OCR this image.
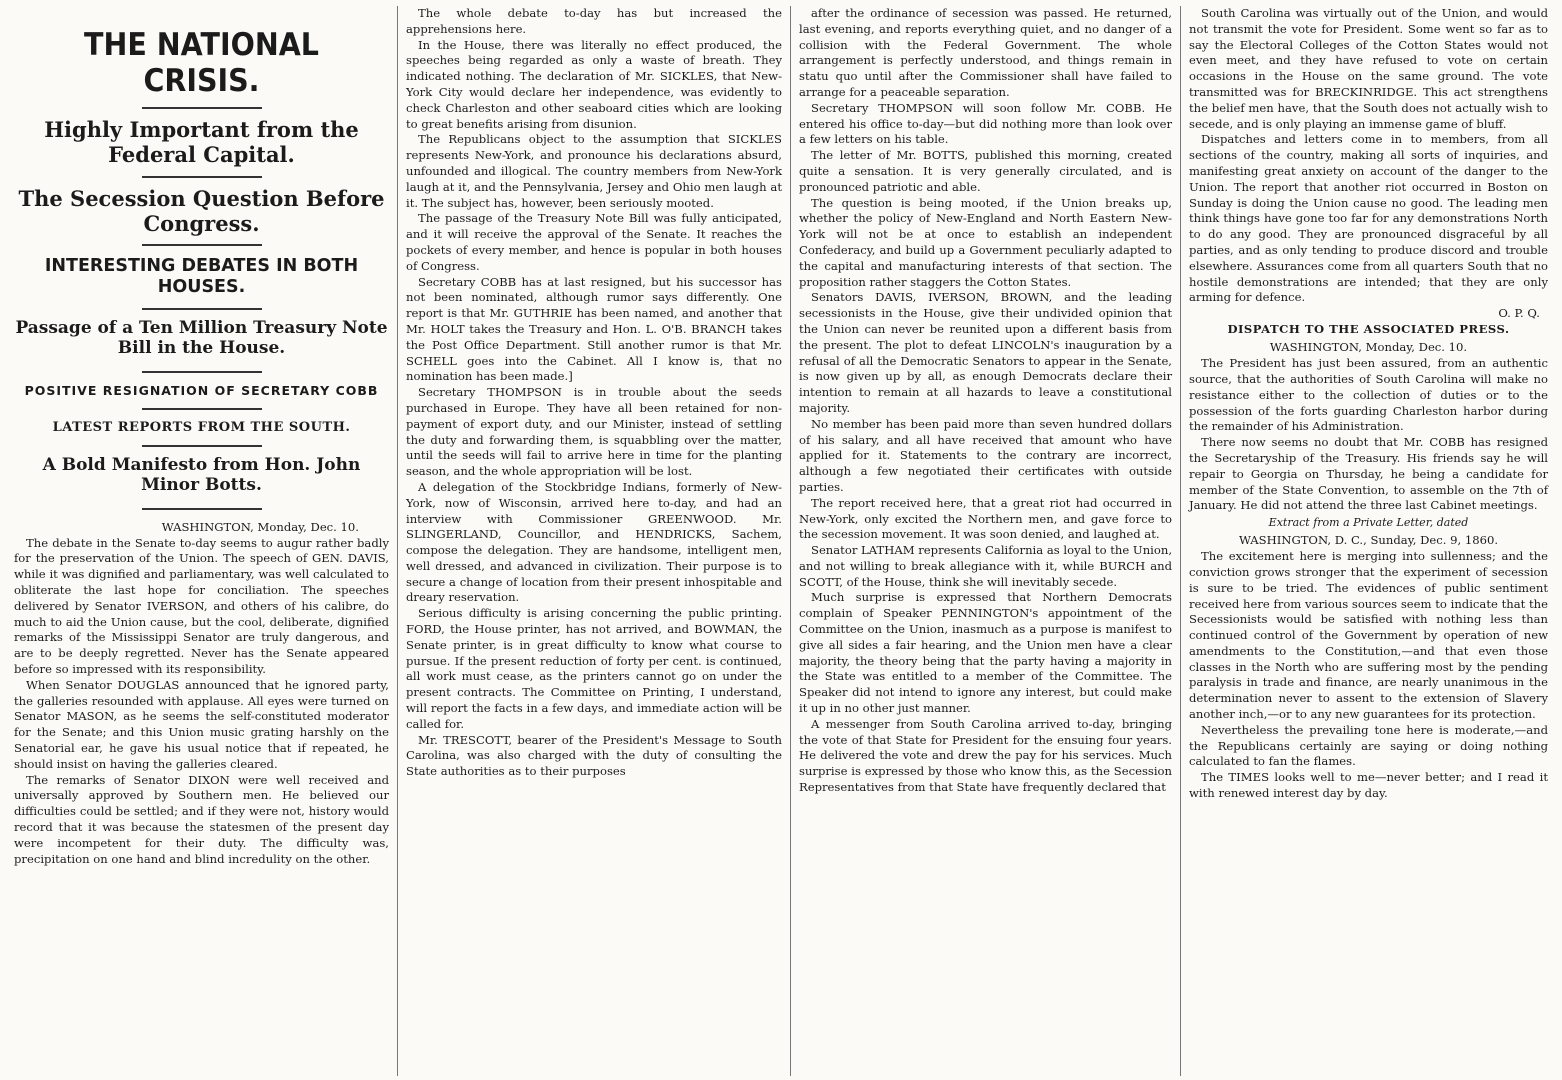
THE NATIONAL CRISIS.
Highly Important from the Federal Capital.
The Secession Question Before Congress.
INTERESTING DEBATES IN BOTH HOUSES.
Passage of a Ten Million Treasury Note Bill in the House.
POSITIVE RESIGNATION OF SECRETARY COBB
LATEST REPORTS FROM THE SOUTH.
A Bold Manifesto from Hon. John Minor Botts.
WASHINGTON, Monday, Dec. 10.

The debate in the Senate to-day seems to augur rather badly for the preservation of the Union. The speech of GEN. DAVIS, while it was dignified and parliamentary, was well calculated to obliterate the last hope for conciliation. The speeches delivered by Senator IVERSON, and others of his calibre, do much to aid the Union cause, but the cool, deliberate, dignified remarks of the Mississippi Senator are truly dangerous, and are to be deeply regretted. Never has the Senate appeared before so impressed with its responsibility.

When Senator DOUGLAS announced that he ignored party, the galleries resounded with applause. All eyes were turned on Senator MASON, as he seems the self-constituted moderator for the Senate; and this Union music grating harshly on the Senatorial ear, he gave his usual notice that if repeated, he should insist on having the galleries cleared.

The remarks of Senator DIXON were well received and universally approved by Southern men. He believed our difficulties could be settled; and if they were not, history would record that it was because the statesmen of the present day were incompetent for their duty. The difficulty was, precipitation on one hand and blind incredulity on the other.

The whole debate to-day has but increased the apprehensions here.

In the House, there was literally no effect produced, the speeches being regarded as only a waste of breath. They indicated nothing. The declaration of Mr. SICKLES, that New-York City would declare her independence, was evidently to check Charleston and other seaboard cities which are looking to great benefits arising from disunion.

The Republicans object to the assumption that SICKLES represents New-York, and pronounce his declarations absurd, unfounded and illogical. The country members from New-York laugh at it, and the Pennsylvania, Jersey and Ohio men laugh at it. The subject has, however, been seriously mooted.

The passage of the Treasury Note Bill was fully anticipated, and it will receive the approval of the Senate. It reaches the pockets of every member, and hence is popular in both houses of Congress.

Secretary COBB has at last resigned, but his successor has not been nominated, although rumor says differently. One report is that Mr. GUTHRIE has been named, and another that Mr. HOLT takes the Treasury and Hon. L. O'B. BRANCH takes the Post Office Department. Still another rumor is that Mr. SCHELL goes into the Cabinet. All I know is, that no nomination has been made.]

Secretary THOMPSON is in trouble about the seeds purchased in Europe. They have all been retained for non-payment of export duty, and our Minister, instead of settling the duty and forwarding them, is squabbling over the matter, until the seeds will fail to arrive here in time for the planting season, and the whole appropriation will be lost.

A delegation of the Stockbridge Indians, formerly of New-York, now of Wisconsin, arrived here to-day, and had an interview with Commissioner GREENWOOD. Mr. SLINGERLAND, Councillor, and HENDRICKS, Sachem, compose the delegation. They are handsome, intelligent men, well dressed, and advanced in civilization. Their purpose is to secure a change of location from their present inhospitable and dreary reservation.

Serious difficulty is arising concerning the public printing. FORD, the House printer, has not arrived, and BOWMAN, the Senate printer, is in great difficulty to know what course to pursue. If the present reduction of forty per cent. is continued, all work must cease, as the printers cannot go on under the present contracts. The Committee on Printing, I understand, will report the facts in a few days, and immediate action will be called for.

Mr. TRESCOTT, bearer of the President's Message to South Carolina, was also charged with the duty of consulting the State authorities as to their purposes

after the ordinance of secession was passed. He returned, last evening, and reports everything quiet, and no danger of a collision with the Federal Government. The whole arrangement is perfectly understood, and things remain in statu quo until after the Commissioner shall have failed to arrange for a peaceable separation.

Secretary THOMPSON will soon follow Mr. COBB. He entered his office to-day—but did nothing more than look over a few letters on his table.

The letter of Mr. BOTTS, published this morning, created quite a sensation. It is very generally circulated, and is pronounced patriotic and able.

The question is being mooted, if the Union breaks up, whether the policy of New-England and North Eastern New-York will not be at once to establish an independent Confederacy, and build up a Government peculiarly adapted to the capital and manufacturing interests of that section. The proposition rather staggers the Cotton States.

Senators DAVIS, IVERSON, BROWN, and the leading secessionists in the House, give their undivided opinion that the Union can never be reunited upon a different basis from the present. The plot to defeat LINCOLN's inauguration by a refusal of all the Democratic Senators to appear in the Senate, is now given up by all, as enough Democrats declare their intention to remain at all hazards to leave a constitutional majority.

No member has been paid more than seven hundred dollars of his salary, and all have received that amount who have applied for it. Statements to the contrary are incorrect, although a few negotiated their certificates with outside parties.

The report received here, that a great riot had occurred in New-York, only excited the Northern men, and gave force to the secession movement. It was soon denied, and laughed at.

Senator LATHAM represents California as loyal to the Union, and not willing to break allegiance with it, while BURCH and SCOTT, of the House, think she will inevitably secede.

Much surprise is expressed that Northern Democrats complain of Speaker PENNINGTON's appointment of the Committee on the Union, inasmuch as a purpose is manifest to give all sides a fair hearing, and the Union men have a clear majority, the theory being that the party having a majority in the State was entitled to a member of the Committee. The Speaker did not intend to ignore any interest, but could make it up in no other just manner.

A messenger from South Carolina arrived to-day, bringing the vote of that State for President for the ensuing four years. He delivered the vote and drew the pay for his services. Much surprise is expressed by those who know this, as the Secession Representatives from that State have frequently declared that

South Carolina was virtually out of the Union, and would not transmit the vote for President. Some went so far as to say the Electoral Colleges of the Cotton States would not even meet, and they have refused to vote on certain occasions in the House on the same ground. The vote transmitted was for BRECKINRIDGE. This act strengthens the belief men have, that the South does not actually wish to secede, and is only playing an immense game of bluff.

Dispatches and letters come in to members, from all sections of the country, making all sorts of inquiries, and manifesting great anxiety on account of the danger to the Union. The report that another riot occurred in Boston on Sunday is doing the Union cause no good. The leading men think things have gone too far for any demonstrations North to do any good. They are pronounced disgraceful by all parties, and as only tending to produce discord and trouble elsewhere. Assurances come from all quarters South that no hostile demonstrations are intended; that they are only arming for defence.

O. P. Q.
DISPATCH TO THE ASSOCIATED PRESS.
WASHINGTON, Monday, Dec. 10.

The President has just been assured, from an authentic source, that the authorities of South Carolina will make no resistance either to the collection of duties or to the possession of the forts guarding Charleston harbor during the remainder of his Administration.

There now seems no doubt that Mr. COBB has resigned the Secretaryship of the Treasury. His friends say he will repair to Georgia on Thursday, he being a candidate for member of the State Convention, to assemble on the 7th of January. He did not attend the three last Cabinet meetings.

Extract from a Private Letter, dated
WASHINGTON, D. C., Sunday, Dec. 9, 1860.

The excitement here is merging into sullenness; and the conviction grows stronger that the experiment of secession is sure to be tried. The evidences of public sentiment received here from various sources seem to indicate that the Secessionists would be satisfied with nothing less than continued control of the Government by operation of new amendments to the Constitution,—and that even those classes in the North who are suffering most by the pending paralysis in trade and finance, are nearly unanimous in the determination never to assent to the extension of Slavery another inch,—or to any new guarantees for its protection.

Nevertheless the prevailing tone here is moderate,—and the Republicans certainly are saying or doing nothing calculated to fan the flames.

The TIMES looks well to me—never better; and I read it with renewed interest day by day.
